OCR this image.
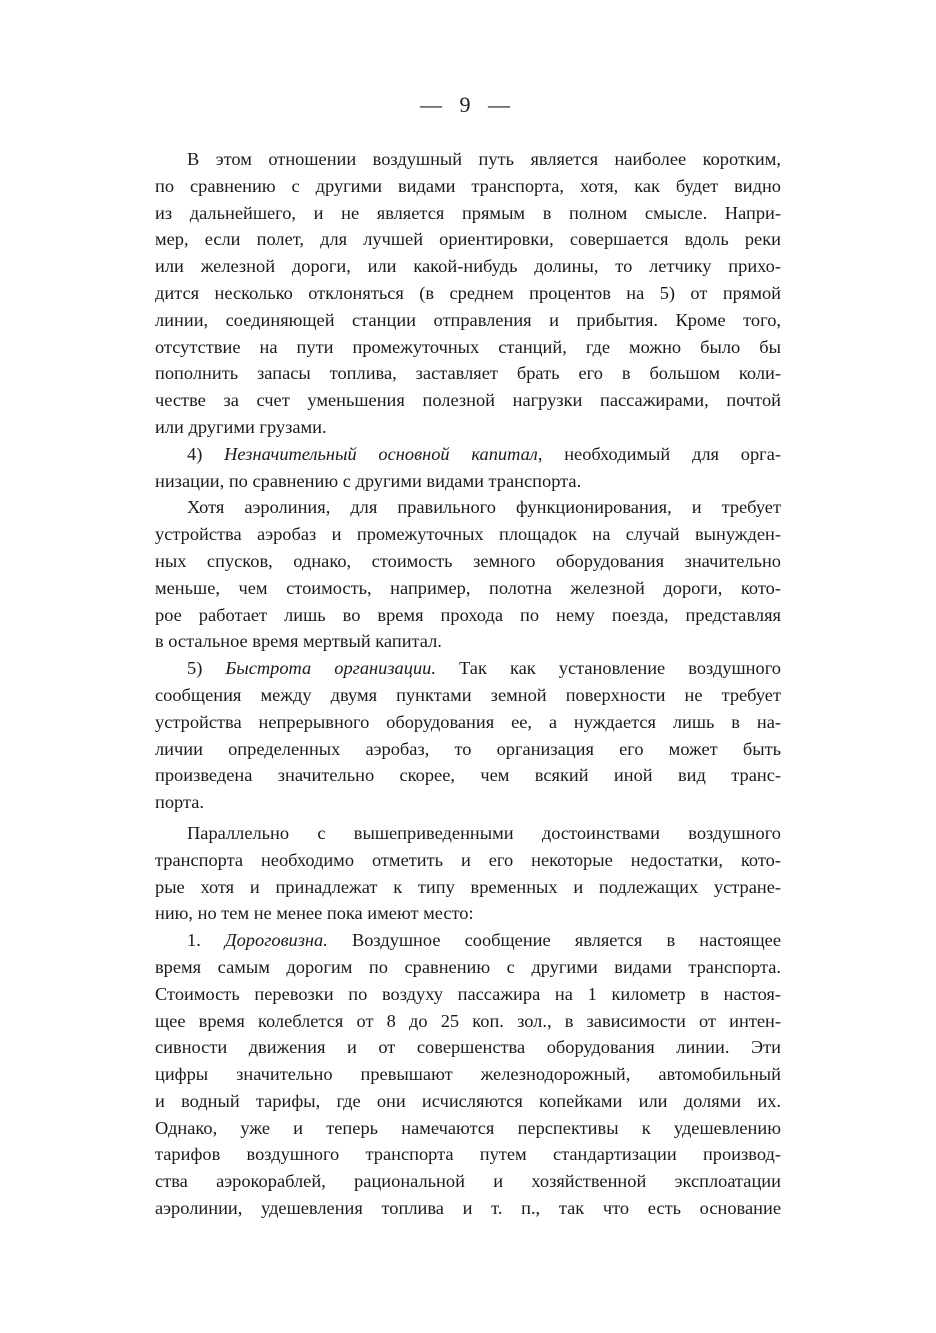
— 9 —
В этом отношении воздушный путь является наиболее коротким,
по сравнению с другими видами транспорта, хотя, как будет видно
из дальнейшего, и не является прямым в полном смысле. Напри-
мер, если полет, для лучшей ориентировки, совершается вдоль реки
или железной дороги, или какой-нибудь долины, то летчику прихо-
дится несколько отклоняться (в среднем процентов на 5) от прямой
линии, соединяющей станции отправления и прибытия. Кроме того,
отсутствие на пути промежуточных станций, где можно было бы
пополнить запасы топлива, заставляет брать его в большом коли-
честве за счет уменьшения полезной нагрузки пассажирами, почтой
или другими грузами.
4) Незначительный основной капитал, необходимый для орга-
низации, по сравнению с другими видами транспорта.
Хотя аэролиния, для правильного функционирования, и требует
устройства аэробаз и промежуточных площадок на случай вынужден-
ных спусков, однако, стоимость земного оборудования значительно
меньше, чем стоимость, например, полотна железной дороги, кото-
рое работает лишь во время прохода по нему поезда, представляя
в остальное время мертвый капитал.
5) Быстрота организации. Так как установление воздушного
сообщения между двумя пунктами земной поверхности не требует
устройства непрерывного оборудования ее, а нуждается лишь в на-
личии определенных аэробаз, то организация его может быть
произведена значительно скорее, чем всякий иной вид транс-
порта.
Параллельно с вышеприведенными достоинствами воздушного
транспорта необходимо отметить и его некоторые недостатки, кото-
рые хотя и принадлежат к типу временных и подлежащих устране-
нию, но тем не менее пока имеют место:
1. Дороговизна. Воздушное сообщение является в настоящее
время самым дорогим по сравнению с другими видами транспорта.
Стоимость перевозки по воздуху пассажира на 1 километр в настоя-
щее время колеблется от 8 до 25 коп. зол., в зависимости от интен-
сивности движения и от совершенства оборудования линии. Эти
цифры значительно превышают железнодорожный, автомобильный
и водный тарифы, где они исчисляются копейками или долями их.
Однако, уже и теперь намечаются перспективы к удешевлению
тарифов воздушного транспорта путем стандартизации производ-
ства аэрокораблей, рациональной и хозяйственной эксплоатации
аэролинии, удешевления топлива и т. п., так что есть основание
